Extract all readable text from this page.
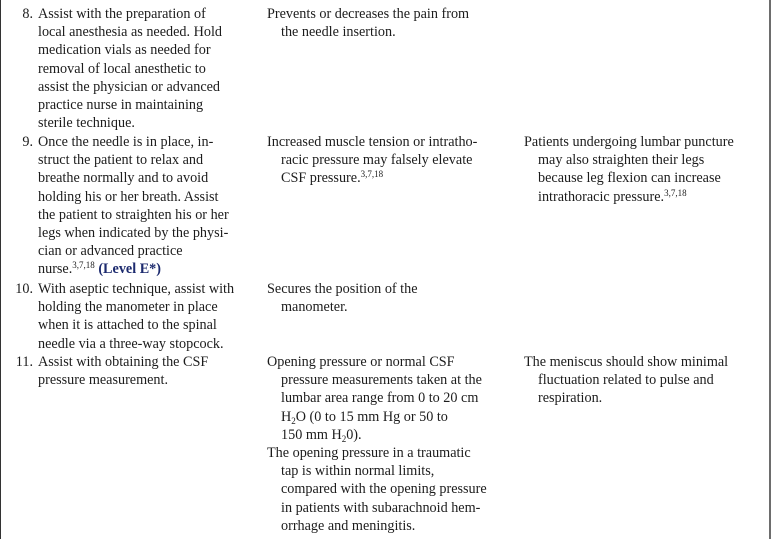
8. Assist with the preparation of
local anesthesia as needed. Hold
medication vials as needed for
removal of local anesthetic to
assist the physician or advanced
practice nurse in maintaining
sterile technique.
Prevents or decreases the pain from
the needle insertion.
9. Once the needle is in place, in-
struct the patient to relax and
breathe normally and to avoid
holding his or her breath. Assist
the patient to straighten his or her
legs when indicated by the physi-
cian or advanced practice
nurse.$^{3,7,18}$ (Level E*)
Increased muscle tension or intratho-
racic pressure may falsely elevate
CSF pressure.$^{3,7,18}$
Patients undergoing lumbar puncture
may also straighten their legs
because leg flexion can increase
intrathoracic pressure.$^{3,7,18}$
10. With aseptic technique, assist with
holding the manometer in place
when it is attached to the spinal
needle via a three-way stopcock.
Secures the position of the
manometer.
11. Assist with obtaining the CSF
pressure measurement.
Opening pressure or normal CSF
pressure measurements taken at the
lumbar area range from 0 to 20 cm
$H_2O$ (0 to 15 mm Hg or 50 to
150 mm $H_20$).
The opening pressure in a traumatic
tap is within normal limits,
compared with the opening pressure
in patients with subarachnoid hem-
orrhage and meningitis.
The meniscus should show minimal
fluctuation related to pulse and
respiration.
